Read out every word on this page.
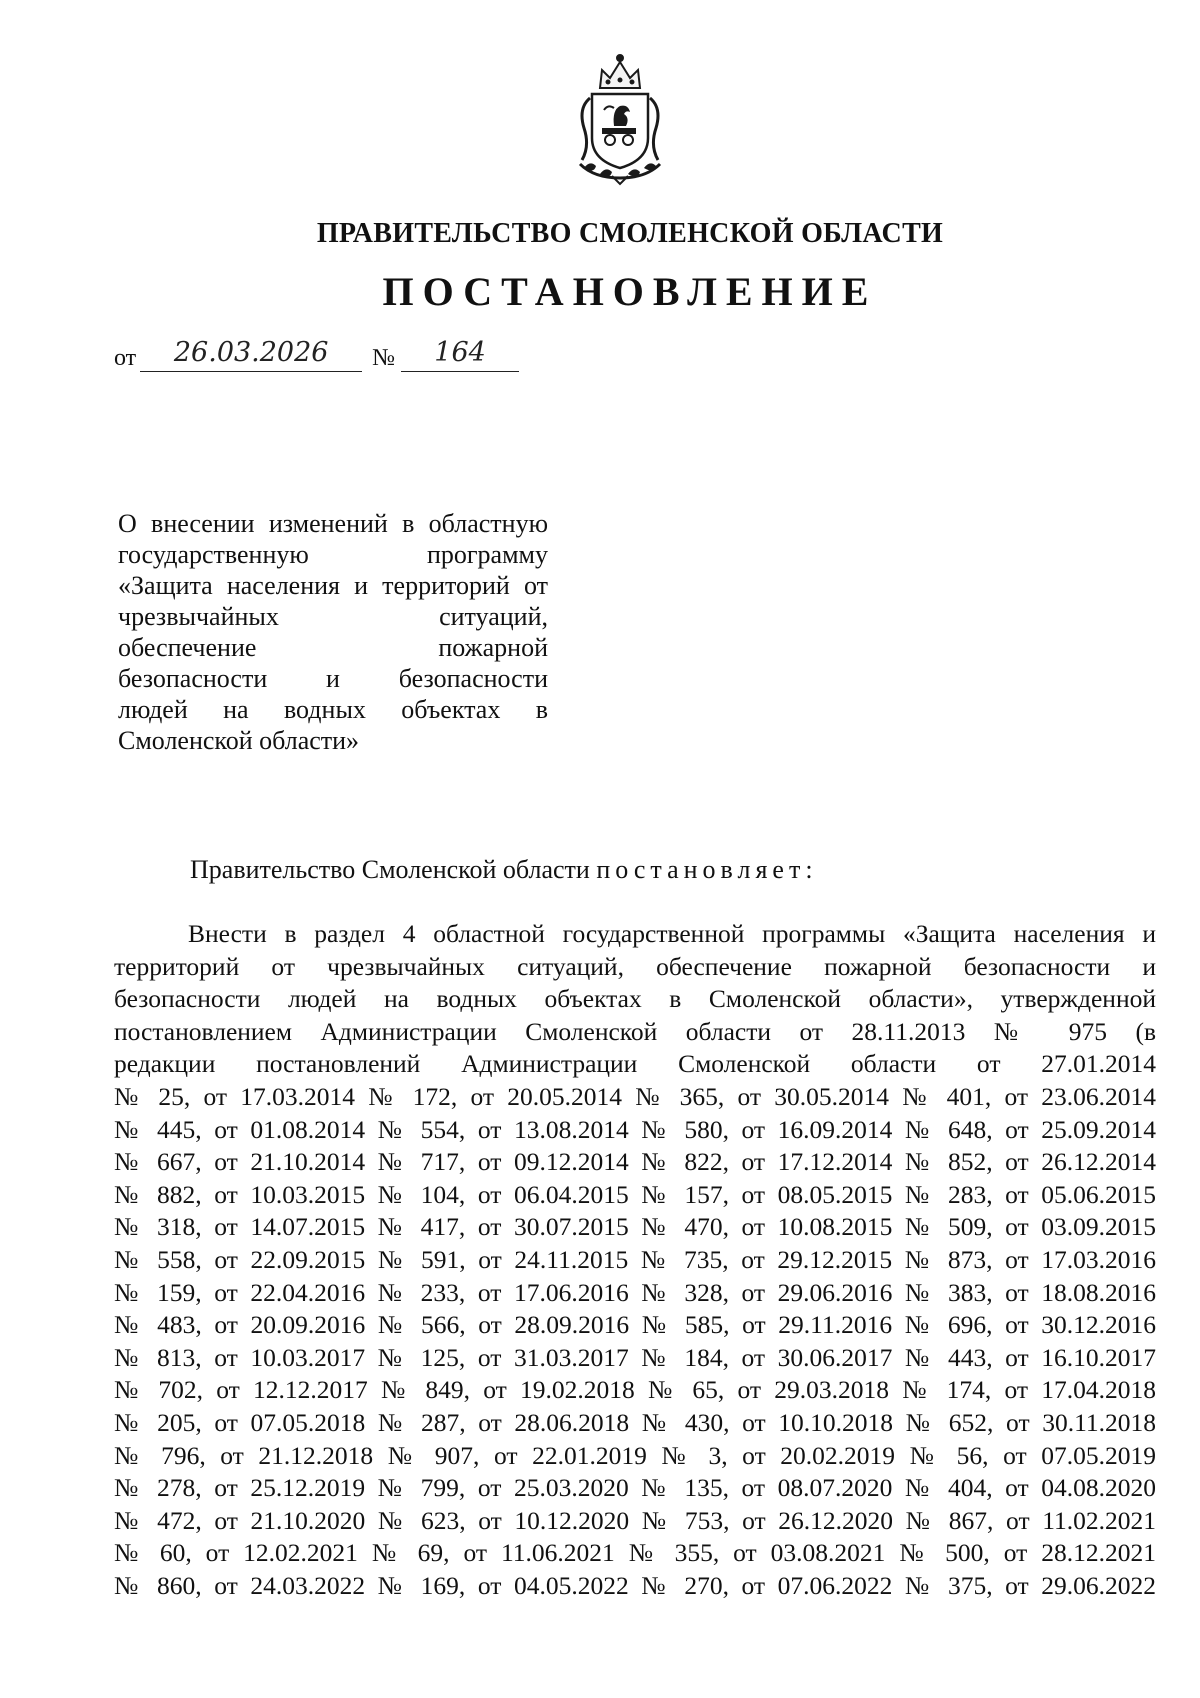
ПРАВИТЕЛЬСТВО СМОЛЕНСКОЙ ОБЛАСТИ
ПОСТАНОВЛЕНИЕ
от	26.03.2026	№	164
О внесении изменений в областную
государственную программу
«Защита населения и территорий от
чрезвычайных ситуаций,
обеспечение пожарной
безопасности и безопасности
людей на водных объектах в
Смоленской области»
Правительство Смоленской области постановляет:
Внести в раздел 4 областной государственной программы «Защита населения и
территорий от чрезвычайных ситуаций, обеспечение пожарной безопасности и
безопасности людей на водных объектах в Смоленской области», утвержденной
постановлением Администрации Смоленской области от 28.11.2013 № 975 (в
редакции постановлений Администрации Смоленской области от 27.01.2014
№ 25, от 17.03.2014 № 172, от 20.05.2014 № 365, от 30.05.2014 № 401, от 23.06.2014
№ 445, от 01.08.2014 № 554, от 13.08.2014 № 580, от 16.09.2014 № 648, от 25.09.2014
№ 667, от 21.10.2014 № 717, от 09.12.2014 № 822, от 17.12.2014 № 852, от 26.12.2014
№ 882, от 10.03.2015 № 104, от 06.04.2015 № 157, от 08.05.2015 № 283, от 05.06.2015
№ 318, от 14.07.2015 № 417, от 30.07.2015 № 470, от 10.08.2015 № 509, от 03.09.2015
№ 558, от 22.09.2015 № 591, от 24.11.2015 № 735, от 29.12.2015 № 873, от 17.03.2016
№ 159, от 22.04.2016 № 233, от 17.06.2016 № 328, от 29.06.2016 № 383, от 18.08.2016
№ 483, от 20.09.2016 № 566, от 28.09.2016 № 585, от 29.11.2016 № 696, от 30.12.2016
№ 813, от 10.03.2017 № 125, от 31.03.2017 № 184, от 30.06.2017 № 443, от 16.10.2017
№ 702, от 12.12.2017 № 849, от 19.02.2018 № 65, от 29.03.2018 № 174, от 17.04.2018
№ 205, от 07.05.2018 № 287, от 28.06.2018 № 430, от 10.10.2018 № 652, от 30.11.2018
№ 796, от 21.12.2018 № 907, от 22.01.2019 № 3, от 20.02.2019 № 56, от 07.05.2019
№ 278, от 25.12.2019 № 799, от 25.03.2020 № 135, от 08.07.2020 № 404, от 04.08.2020
№ 472, от 21.10.2020 № 623, от 10.12.2020 № 753, от 26.12.2020 № 867, от 11.02.2021
№ 60, от 12.02.2021 № 69, от 11.06.2021 № 355, от 03.08.2021 № 500, от 28.12.2021
№ 860, от 24.03.2022 № 169, от 04.05.2022 № 270, от 07.06.2022 № 375, от 29.06.2022
